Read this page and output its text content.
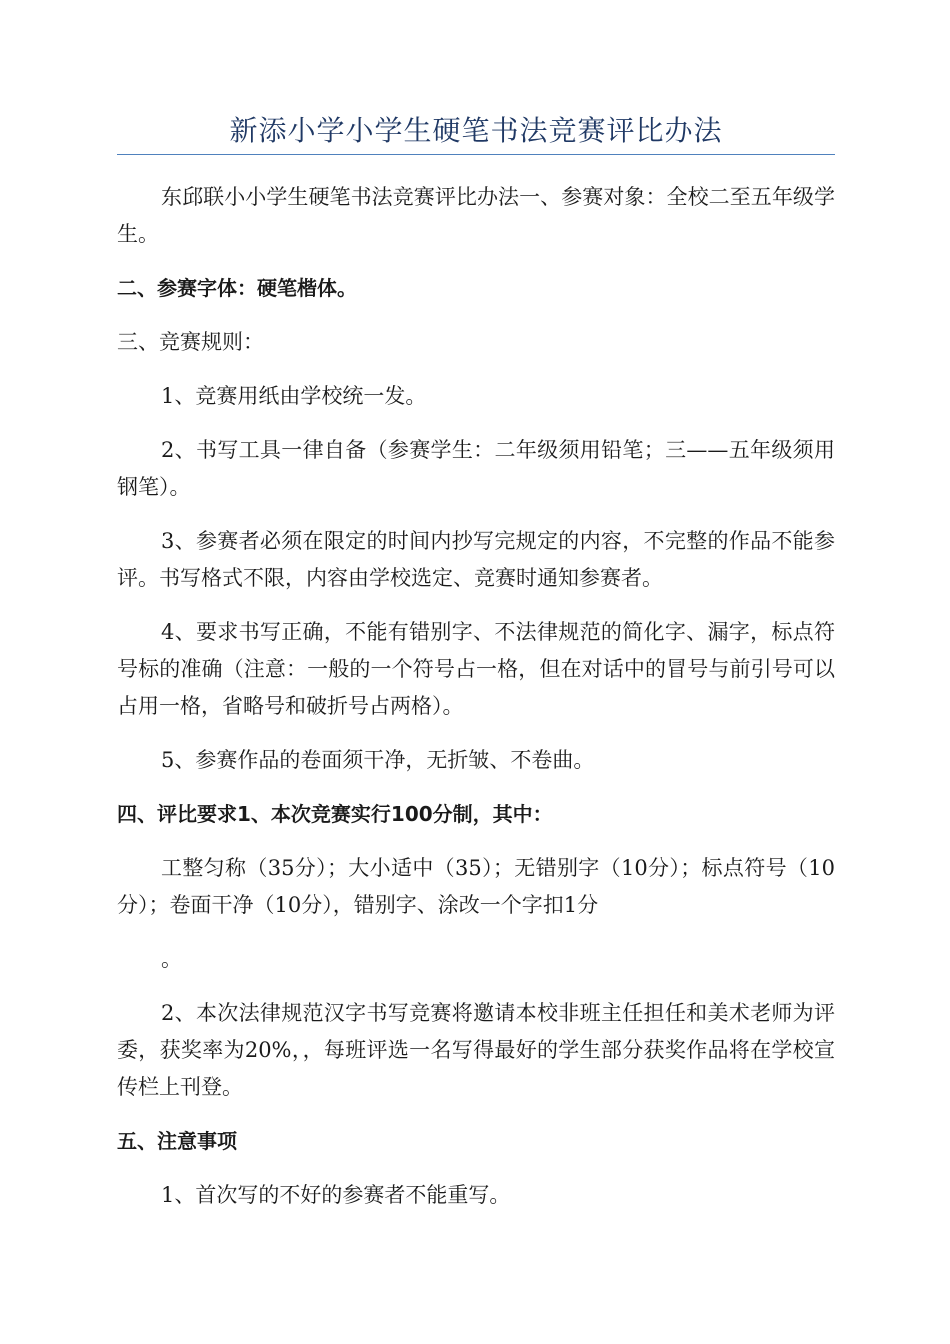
新添小学小学生硬笔书法竞赛评比办法

东邱联小小学生硬笔书法竞赛评比办法一、参赛对象：全校二至五年级学生。

二、参赛字体：硬笔楷体。

三、竞赛规则：

1、竞赛用纸由学校统一发。

2、书写工具一律自备（参赛学生：二年级须用铅笔；三——五年级须用钢笔）。

3、参赛者必须在限定的时间内抄写完规定的内容，不完整的作品不能参评。书写格式不限，内容由学校选定、竞赛时通知参赛者。

4、要求书写正确，不能有错别字、不法律规范的简化字、漏字，标点符号标的准确（注意：一般的一个符号占一格，但在对话中的冒号与前引号可以占用一格，省略号和破折号占两格）。

5、参赛作品的卷面须干净，无折皱、不卷曲。

四、评比要求1、本次竞赛实行100分制，其中：

工整匀称（35分）；大小适中（35）；无错别字（10分）；标点符号（10分）；卷面干净（10分），错别字、涂改一个字扣1分

。

2、本次法律规范汉字书写竞赛将邀请本校非班主任担任和美术老师为评委，获奖率为20%，，每班评选一名写得最好的学生部分获奖作品将在学校宣传栏上刊登。

五、注意事项

1、首次写的不好的参赛者不能重写。
